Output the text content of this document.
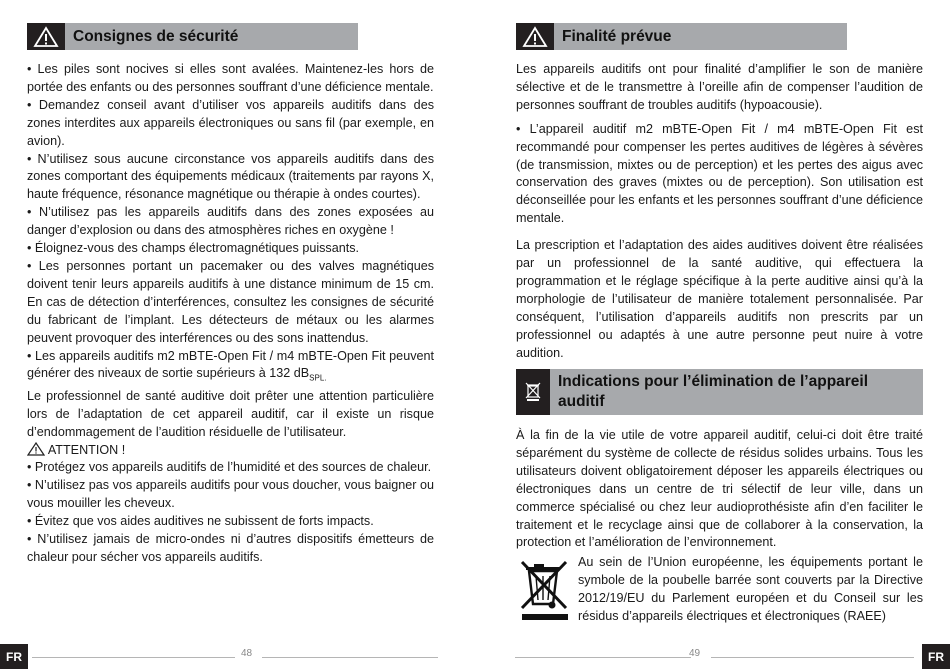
Consignes de sécurité

• Les piles sont nocives si elles sont avalées. Maintenez-les hors de portée des enfants ou des personnes souffrant d’une déficience mentale.

• Demandez conseil avant d’utiliser vos appareils auditifs dans des zones interdites aux appareils électroniques ou sans fil (par exemple, en avion).

• N’utilisez sous aucune circonstance vos appareils auditifs dans des zones comportant des équipements médicaux (traitements par rayons X, haute fréquence, résonance magnétique ou thérapie à ondes courtes).

• N’utilisez pas les appareils auditifs dans des zones exposées au danger d’explosion ou dans des atmosphères riches en oxygène !

• Éloignez-vous des champs électromagnétiques puissants.

• Les personnes portant un pacemaker ou des valves magnétiques doivent tenir leurs appareils auditifs à une distance minimum de 15 cm. En cas de détection d’interférences, consultez les consignes de sécurité du fabricant de l’implant. Les détecteurs de métaux ou les alarmes peuvent provoquer des interférences ou des sons inattendus.

• Les appareils auditifs m2 mBTE-Open Fit / m4 mBTE-Open Fit peuvent générer des niveaux de sortie supérieurs à 132 $dB_{SPL.}$

Le professionnel de santé auditive doit prêter une attention particulière lors de l’adaptation de cet appareil auditif, car il existe un risque d’endommagement de l’audition résiduelle de l’utilisateur.

ATTENTION !

• Protégez vos appareils auditifs de l’humidité et des sources de chaleur.

• N’utilisez pas vos appareils auditifs pour vous doucher, vous baigner ou vous mouiller les cheveux.

• Évitez que vos aides auditives ne subissent de forts impacts.

• N’utilisez jamais de micro-ondes ni d’autres dispositifs émetteurs de chaleur pour sécher vos appareils auditifs.

FR	48
Finalité prévue

Les appareils auditifs ont pour finalité d’amplifier le son de manière sélective et de le transmettre à l’oreille afin de compenser l’audition de personnes souffrant de troubles auditifs (hypoacousie).

• L’appareil auditif m2 mBTE-Open Fit / m4 mBTE-Open Fit est recommandé pour compenser les pertes auditives de légères à sévères (de transmission, mixtes ou de perception) et les pertes des aigus avec conservation des graves (mixtes ou de perception). Son utilisation est déconseillée pour les enfants et les personnes souffrant d’une déficience mentale.

La prescription et l’adaptation des aides auditives doivent être réalisées par un professionnel de la santé auditive, qui effectuera la programmation et le réglage spécifique à la perte auditive ainsi qu’à la morphologie de l’utilisateur de manière totalement personnalisée. Par conséquent, l’utilisation d’appareils auditifs non prescrits par un professionnel ou adaptés à une autre personne peut nuire à votre audition.

Indications pour l’élimination de l’appareil auditif

À la fin de la vie utile de votre appareil auditif, celui-ci doit être traité séparément du système de collecte de résidus solides urbains. Tous les utilisateurs doivent obligatoirement déposer les appareils électriques ou électroniques dans un centre de tri sélectif de leur ville, dans un commerce spécialisé ou chez leur audioprothésiste afin d’en faciliter le traitement et le recyclage ainsi que de collaborer à la conservation, la protection et l’amélioration de l’environnement.

Au sein de l’Union européenne, les équipements portant le symbole de la poubelle barrée sont couverts par la Directive 2012/19/EU du Parlement européen et du Conseil sur les résidus d’appareils électriques et électroniques (RAEE)

49	FR
